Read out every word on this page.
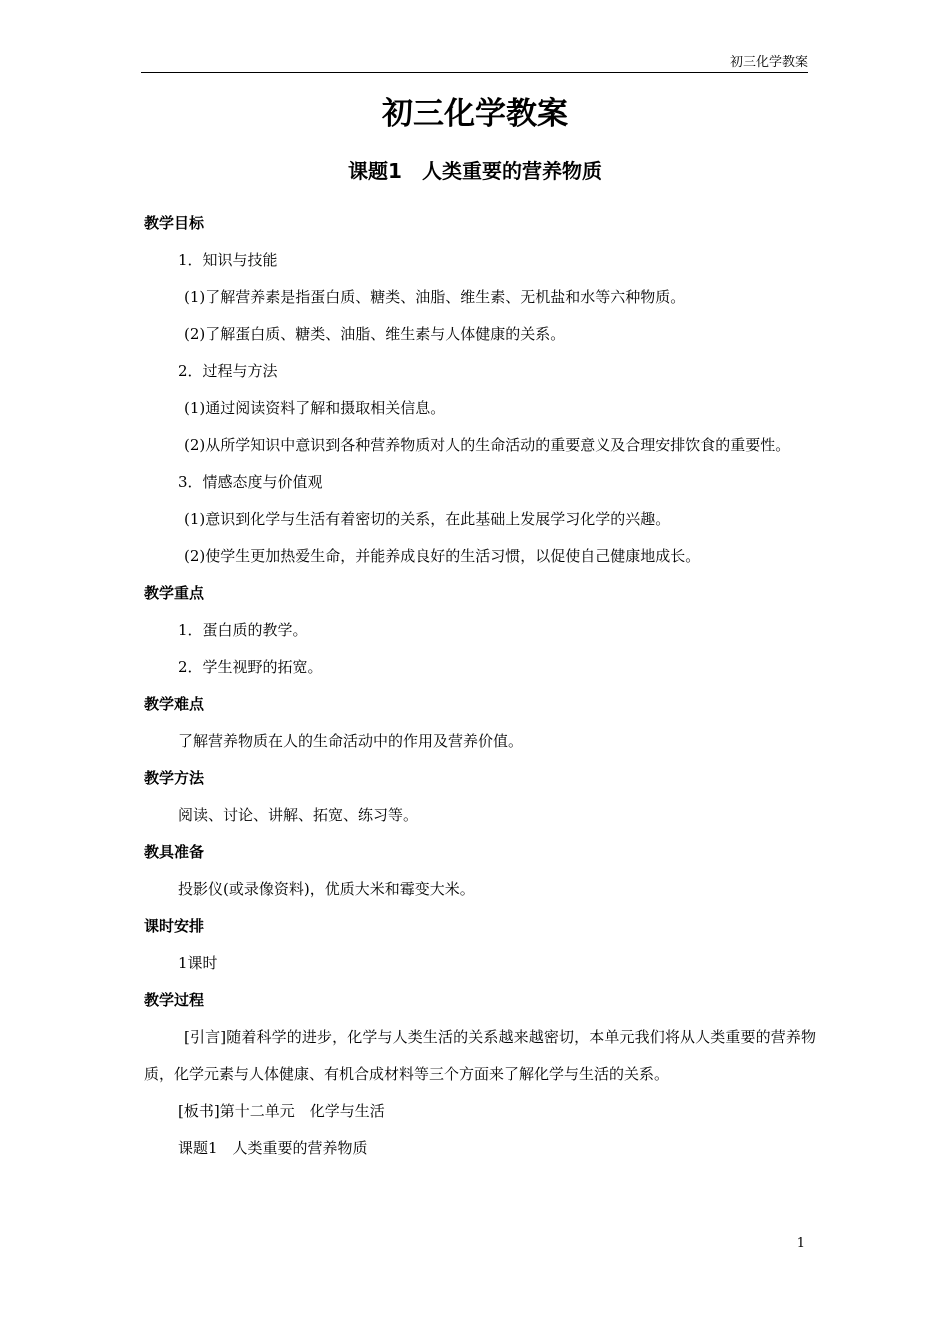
初三化学教案
初三化学教案
课题1　人类重要的营养物质
教学目标
1．知识与技能
(1)了解营养素是指蛋白质、糖类、油脂、维生素、无机盐和水等六种物质。
(2)了解蛋白质、糖类、油脂、维生素与人体健康的关系。
2．过程与方法
(1)通过阅读资料了解和摄取相关信息。
(2)从所学知识中意识到各种营养物质对人的生命活动的重要意义及合理安排饮食的重要性。
3．情感态度与价值观
(1)意识到化学与生活有着密切的关系，在此基础上发展学习化学的兴趣。
(2)使学生更加热爱生命，并能养成良好的生活习惯，以促使自己健康地成长。
教学重点
1．蛋白质的教学。
2．学生视野的拓宽。
教学难点
了解营养物质在人的生命活动中的作用及营养价值。
教学方法
阅读、讨论、讲解、拓宽、练习等。
教具准备
投影仪(或录像资料)，优质大米和霉变大米。
课时安排
1课时
教学过程
[引言]随着科学的进步，化学与人类生活的关系越来越密切，本单元我们将从人类重要的营养物质，化学元素与人体健康、有机合成材料等三个方面来了解化学与生活的关系。
[板书]第十二单元　化学与生活
课题1　人类重要的营养物质
1
